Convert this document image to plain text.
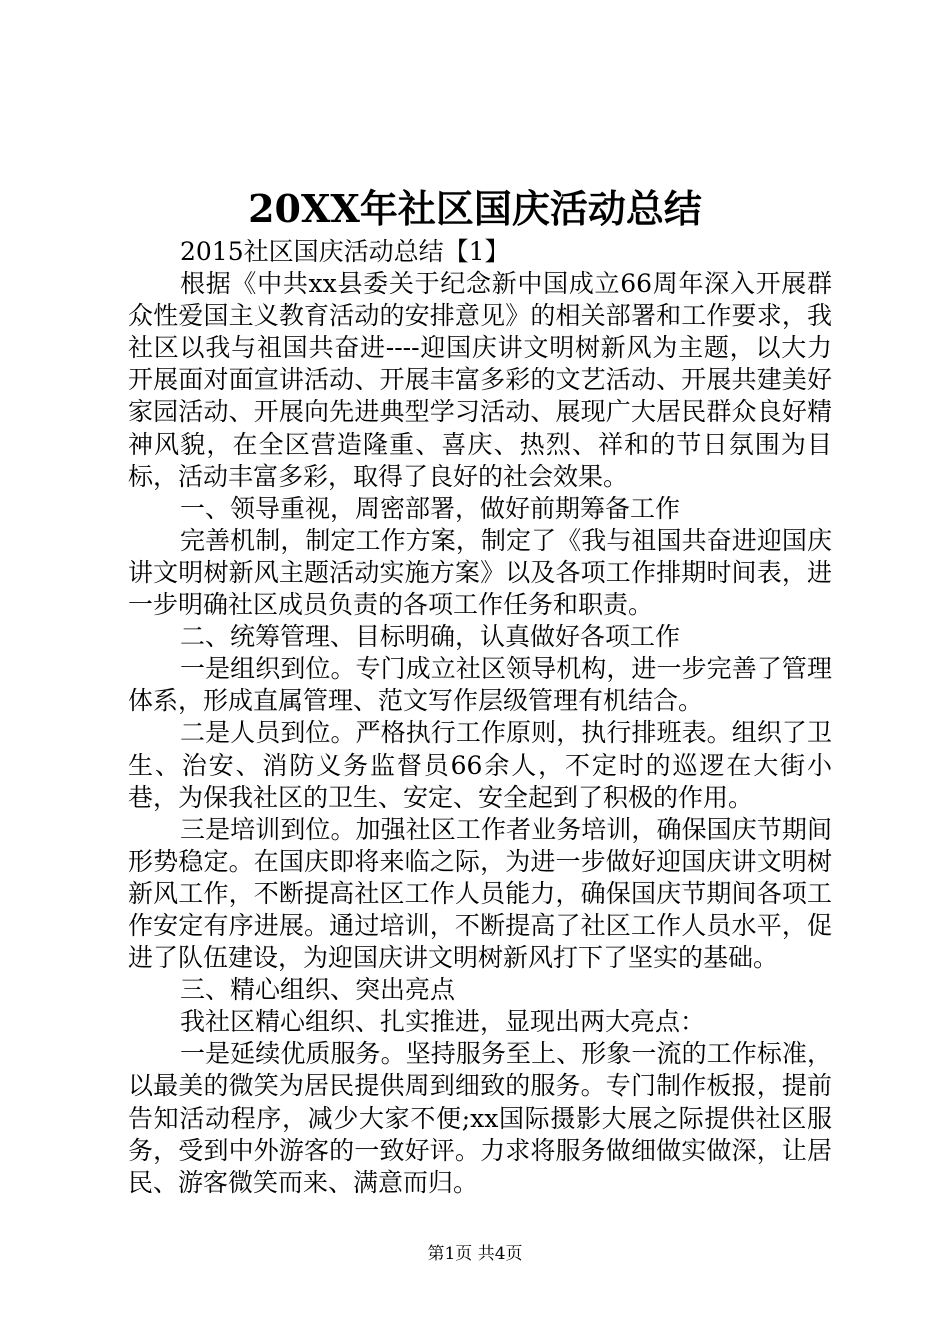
20XX年社区国庆活动总结

2015社区国庆活动总结【1】

根据《中共xx县委关于纪念新中国成立66周年深入开展群众性爱国主义教育活动的安排意见》的相关部署和工作要求，我社区以我与祖国共奋进----迎国庆讲文明树新风为主题，以大力开展面对面宣讲活动、开展丰富多彩的文艺活动、开展共建美好家园活动、开展向先进典型学习活动、展现广大居民群众良好精神风貌，在全区营造隆重、喜庆、热烈、祥和的节日氛围为目标，活动丰富多彩，取得了良好的社会效果。

一、领导重视，周密部署，做好前期筹备工作

完善机制，制定工作方案，制定了《我与祖国共奋进迎国庆讲文明树新风主题活动实施方案》以及各项工作排期时间表，进一步明确社区成员负责的各项工作任务和职责。

二、统筹管理、目标明确，认真做好各项工作

一是组织到位。专门成立社区领导机构，进一步完善了管理体系，形成直属管理、范文写作层级管理有机结合。

二是人员到位。严格执行工作原则，执行排班表。组织了卫生、治安、消防义务监督员66余人，不定时的巡逻在大街小巷，为保我社区的卫生、安定、安全起到了积极的作用。

三是培训到位。加强社区工作者业务培训，确保国庆节期间形势稳定。在国庆即将来临之际，为进一步做好迎国庆讲文明树新风工作，不断提高社区工作人员能力，确保国庆节期间各项工作安定有序进展。通过培训，不断提高了社区工作人员水平，促进了队伍建设，为迎国庆讲文明树新风打下了坚实的基础。

三、精心组织、突出亮点

我社区精心组织、扎实推进，显现出两大亮点：

一是延续优质服务。坚持服务至上、形象一流的工作标准，以最美的微笑为居民提供周到细致的服务。专门制作板报，提前告知活动程序，减少大家不便;xx国际摄影大展之际提供社区服务，受到中外游客的一致好评。力求将服务做细做实做深，让居民、游客微笑而来、满意而归。

第1页 共4页
